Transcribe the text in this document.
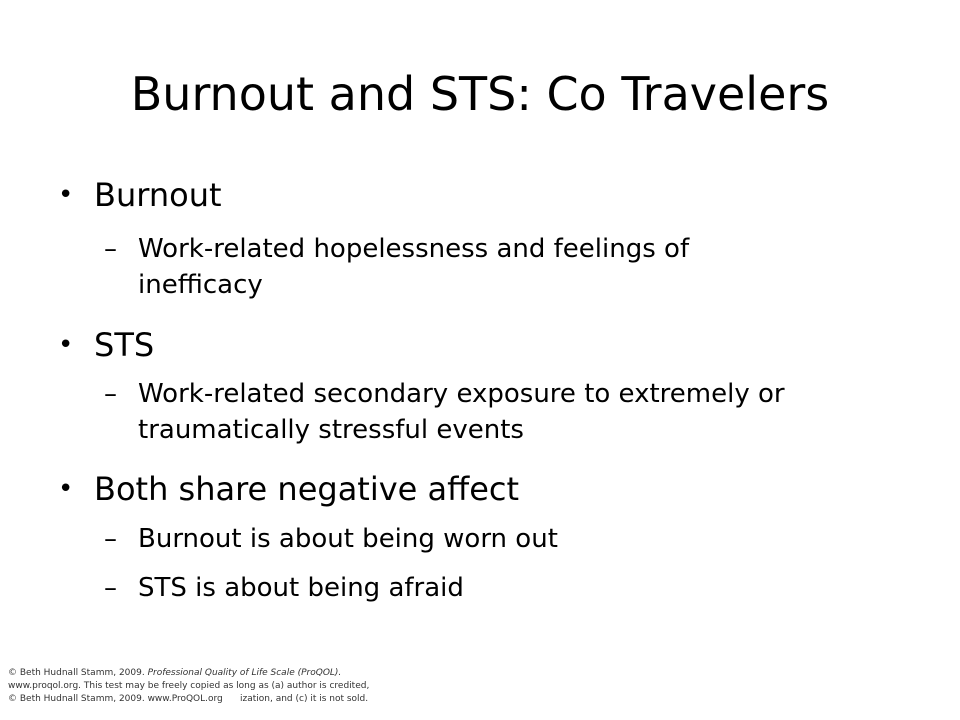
Burnout and STS: Co Travelers
• Burnout
– Work-related hopelessness and feelings of
inefficacy
• STS
– Work-related secondary exposure to extremely or
traumatically stressful events
• Both share negative affect
– Burnout is about being worn out
– STS is about being afraid
© Beth Hudnall Stamm, 2009. Professional Quality of Life Scale (ProQOL).
www.proqol.org. This test may be freely copied as long as (a) author is credited,
© Beth Hudnall Stamm, 2009. www.ProQOL.org ization, and (c) it is not sold.
